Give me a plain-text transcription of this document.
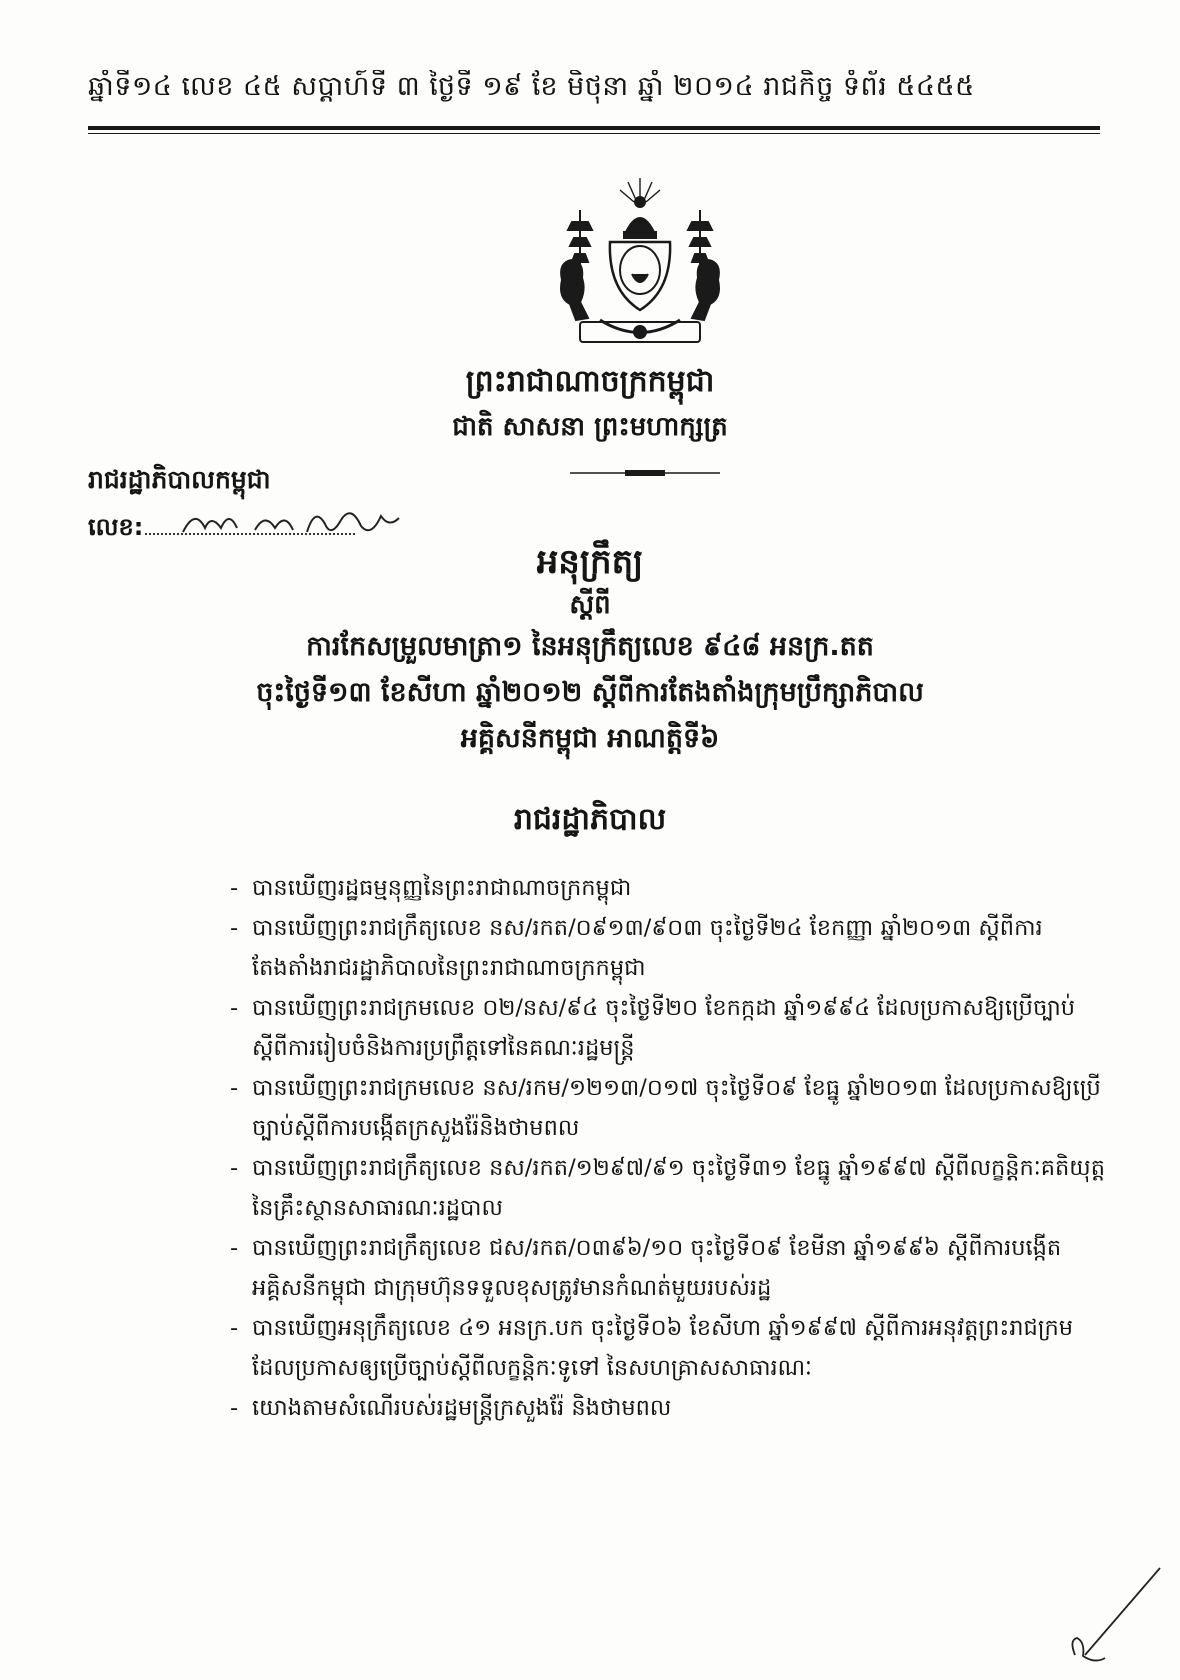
ឆ្នាំទី១៤ លេខ ៤៥ សប្តាហ៍ទី ៣ ថ្ងៃទី ១៩ ខែ មិថុនា ឆ្នាំ ២០១៤ រាជកិច្ច ទំព័រ ៥៤៥៥
ព្រះរាជាណាចក្រកម្ពុជា
ជាតិ សាសនា ព្រះមហាក្សត្រ
រាជរដ្ឋាភិបាលកម្ពុជា
លេខ:
អនុក្រឹត្យ
ស្តីពី
ការកែសម្រួលមាត្រា១ នៃអនុក្រឹត្យលេខ ៩៤៨ អនក្រ.តត
ចុះថ្ងៃទី១៣ ខែសីហា ឆ្នាំ២០១២ ស្តីពីការតែងតាំងក្រុមប្រឹក្សាភិបាល
អគ្គិសនីកម្ពុជា អាណត្តិទី៦
រាជរដ្ឋាភិបាល
- បានឃើញរដ្ឋធម្មនុញ្ញនៃព្រះរាជាណាចក្រកម្ពុជា
- បានឃើញព្រះរាជក្រឹត្យលេខ នស/រកត/០៩១៣/៩០៣ ចុះថ្ងៃទី២៤ ខែកញ្ញា ឆ្នាំ២០១៣ ស្តីពីការតែងតាំងរាជរដ្ឋាភិបាលនៃព្រះរាជាណាចក្រកម្ពុជា
- បានឃើញព្រះរាជក្រមលេខ ០២/នស/៩៤ ចុះថ្ងៃទី២០ ខែកក្កដា ឆ្នាំ១៩៩៤ ដែលប្រកាសឱ្យប្រើច្បាប់ស្តីពីការរៀបចំនិងការប្រព្រឹត្តទៅនៃគណៈរដ្ឋមន្ត្រី
- បានឃើញព្រះរាជក្រមលេខ នស/រកម/១២១៣/០១៧ ចុះថ្ងៃទី០៩ ខែធ្នូ ឆ្នាំ២០១៣ ដែលប្រកាសឱ្យប្រើច្បាប់ស្តីពីការបង្កើតក្រសួងរ៉ែនិងថាមពល
- បានឃើញព្រះរាជក្រឹត្យលេខ នស/រកត/១២៩៧/៩១ ចុះថ្ងៃទី៣១ ខែធ្នូ ឆ្នាំ១៩៩៧ ស្តីពីលក្ខន្តិកៈគតិយុត្តនៃគ្រឹះស្ថានសាធារណៈរដ្ឋបាល
- បានឃើញព្រះរាជក្រឹត្យលេខ ជស/រកត/០៣៩៦/១០ ចុះថ្ងៃទី០៩ ខែមីនា ឆ្នាំ១៩៩៦ ស្តីពីការបង្កើតអគ្គិសនីកម្ពុជា ជាក្រុមហ៊ុនទទួលខុសត្រូវមានកំណត់មួយរបស់រដ្ឋ
- បានឃើញអនុក្រឹត្យលេខ ៤១ អនក្រ.បក ចុះថ្ងៃទី០៦ ខែសីហា ឆ្នាំ១៩៩៧ ស្តីពីការអនុវត្តព្រះរាជក្រមដែលប្រកាសឲ្យប្រើច្បាប់ស្តីពីលក្ខន្តិកៈទូទៅ នៃសហគ្រាសសាធារណៈ
- យោងតាមសំណើរបស់រដ្ឋមន្ត្រីក្រសួងរ៉ែ និងថាមពល
